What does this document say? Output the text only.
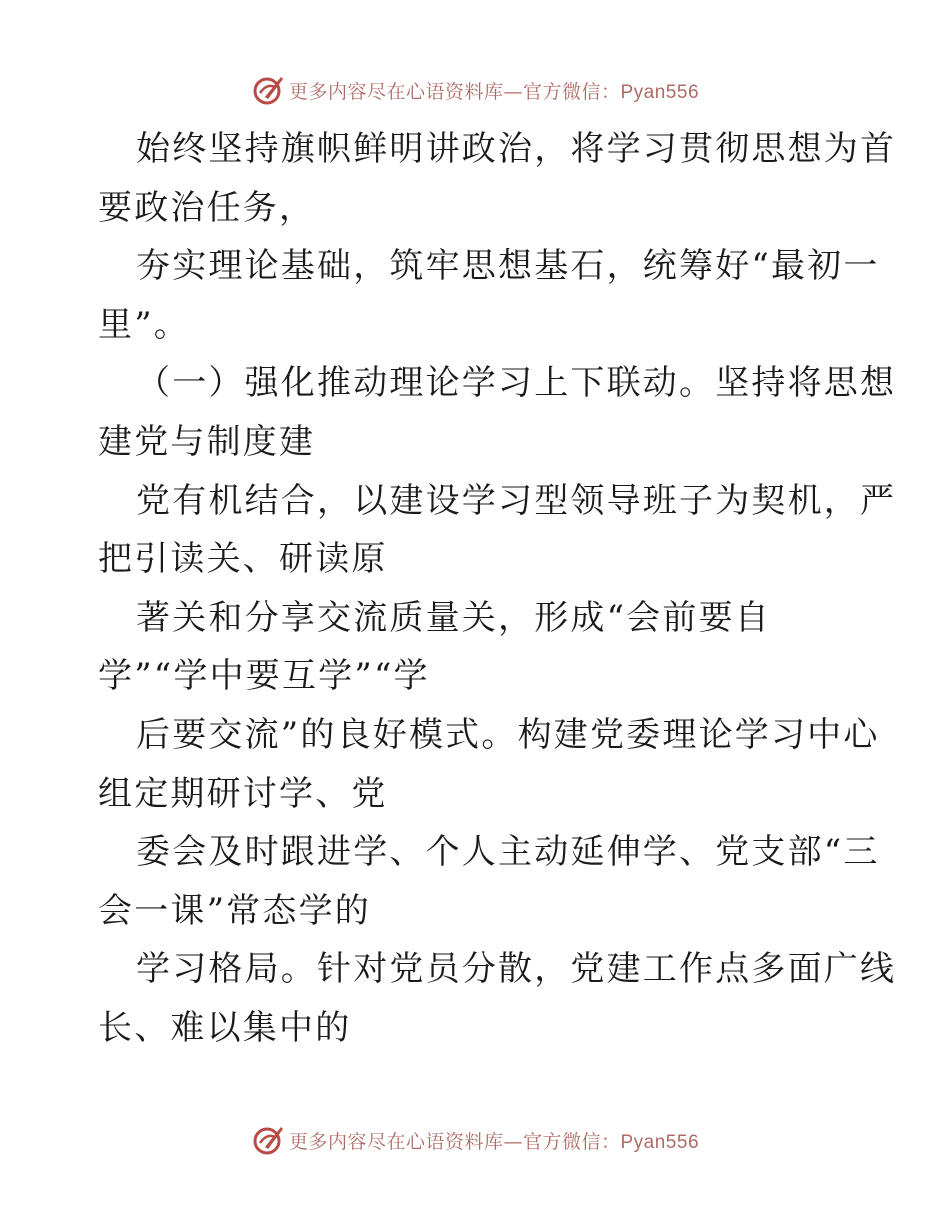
更多内容尽在心语资料库—官方微信：Pyan556
始终坚持旗帜鲜明讲政治，将学习贯彻思想为首
要政治任务，
夯实理论基础，筑牢思想基石，统筹好“最初一
里”。
（一）强化推动理论学习上下联动。坚持将思想
建党与制度建
党有机结合，以建设学习型领导班子为契机，严
把引读关、研读原
著关和分享交流质量关，形成“会前要自
学”“学中要互学”“学
后要交流”的良好模式。构建党委理论学习中心
组定期研讨学、党
委会及时跟进学、个人主动延伸学、党支部“三
会一课”常态学的
学习格局。针对党员分散，党建工作点多面广线
长、难以集中的
更多内容尽在心语资料库—官方微信：Pyan556
